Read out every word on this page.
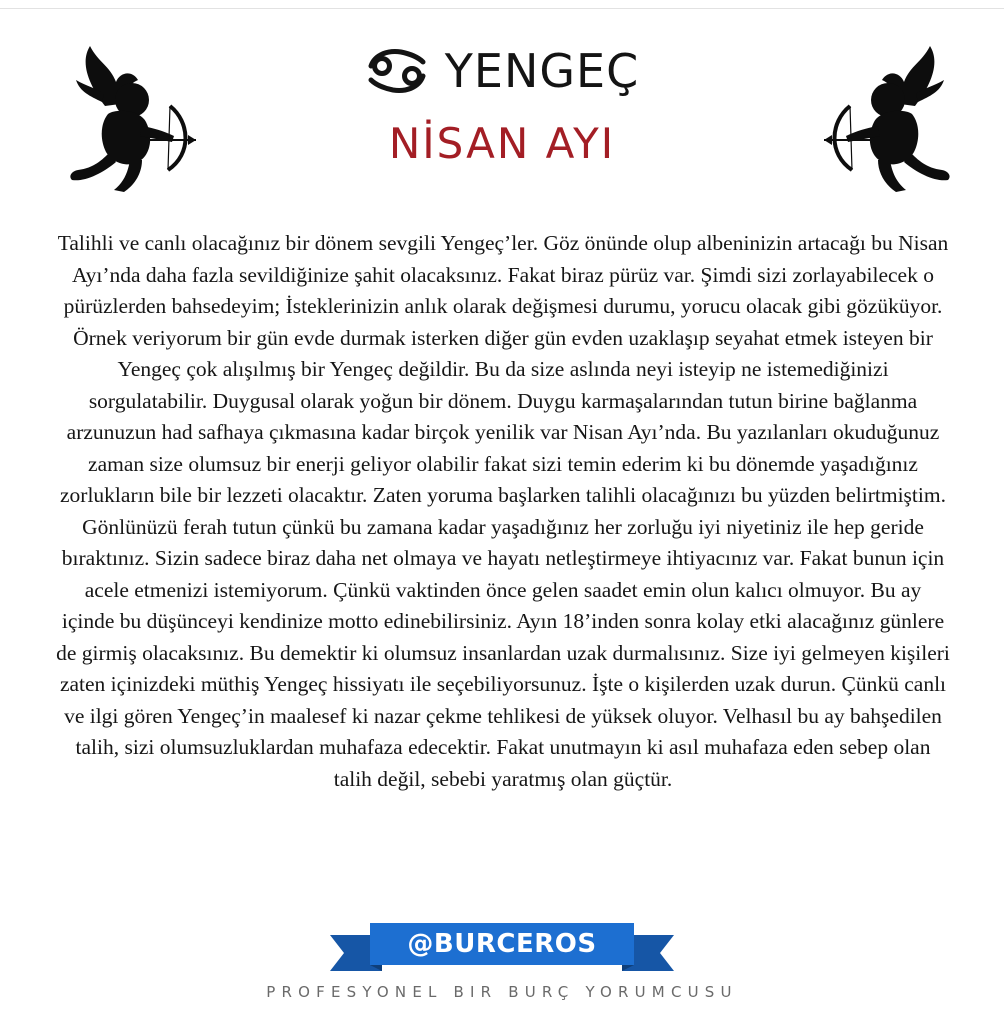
YENGEÇ
NİSAN AYI

Talihli ve canlı olacağınız bir dönem sevgili Yengeç’ler. Göz önünde olup albeninizin artacağı bu Nisan Ayı’nda daha fazla sevildiğinize şahit olacaksınız. Fakat biraz pürüz var. Şimdi sizi zorlayabilecek o pürüzlerden bahsedeyim; İsteklerinizin anlık olarak değişmesi durumu, yorucu olacak gibi gözüküyor. Örnek veriyorum bir gün evde durmak isterken diğer gün evden uzaklaşıp seyahat etmek isteyen bir Yengeç çok alışılmış bir Yengeç değildir. Bu da size aslında neyi isteyip ne istemediğinizi sorgulatabilir. Duygusal olarak yoğun bir dönem. Duygu karmaşalarından tutun birine bağlanma arzunuzun had safhaya çıkmasına kadar birçok yenilik var Nisan Ayı’nda. Bu yazılanları okuduğunuz zaman size olumsuz bir enerji geliyor olabilir fakat sizi temin ederim ki bu dönemde yaşadığınız zorlukların bile bir lezzeti olacaktır. Zaten yoruma başlarken talihli olacağınızı bu yüzden belirtmiştim. Gönlünüzü ferah tutun çünkü bu zamana kadar yaşadığınız her zorluğu iyi niyetiniz ile hep geride bıraktınız. Sizin sadece biraz daha net olmaya ve hayatı netleştirmeye ihtiyacınız var. Fakat bunun için acele etmenizi istemiyorum. Çünkü vaktinden önce gelen saadet emin olun kalıcı olmuyor. Bu ay içinde bu düşünceyi kendinize motto edinebilirsiniz. Ayın 18’inden sonra kolay etki alacağınız günlere de girmiş olacaksınız. Bu demektir ki olumsuz insanlardan uzak durmalısınız. Size iyi gelmeyen kişileri zaten içinizdeki müthiş Yengeç hissiyatı ile seçebiliyorsunuz. İşte o kişilerden uzak durun. Çünkü canlı ve ilgi gören Yengeç’in maalesef ki nazar çekme tehlikesi de yüksek oluyor. Velhasıl bu ay bahşedilen talih, sizi olumsuzluklardan muhafaza edecektir. Fakat unutmayın ki asıl muhafaza eden sebep olan talih değil, sebebi yaratmış olan güçtür.

@BURCEROS
PROFESYONEL BIR BURÇ YORUMCUSU
